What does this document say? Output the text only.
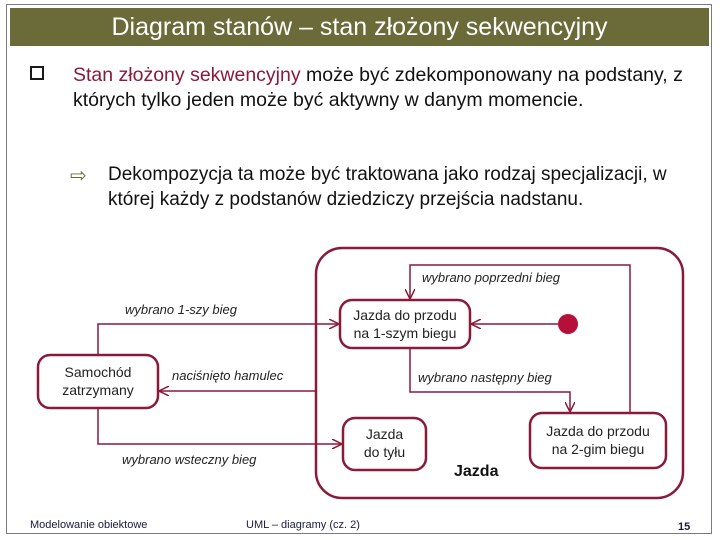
Diagram stanów – stan złożony sekwencyjny
Stan złożony sekwencyjny może być zdekomponowany na podstany, z których tylko jeden może być aktywny w danym momencie.
⇨ Dekompozycja ta może być traktowana jako rodzaj specjalizacji, w której każdy z podstanów dziedziczy przejścia nadstanu.
wybrano poprzedni bieg
wybrano 1-szy bieg
naciśnięto hamulec	wybrano następny bieg
wybrano wsteczny bieg
Jazda do przodu
na 1-szym biegu
Jazda do przodu
na 2-gim biegu
Jazda
do tyłu
Samochód
zatrzymany
Jazda
Modelowanie obiektowe	UML – diagramy (cz. 2)	15
